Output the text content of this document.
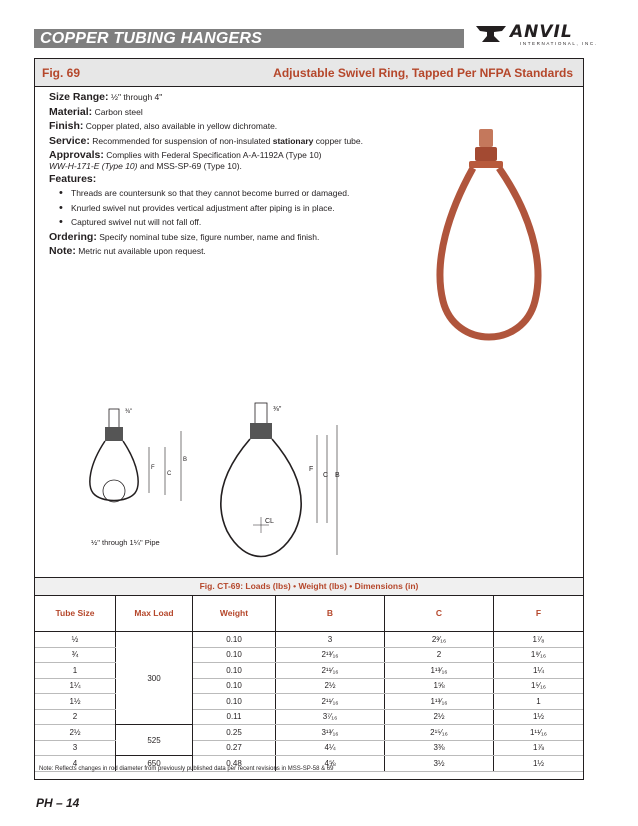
COPPER TUBING HANGERS	ANVIL
INTERNATIONAL, INC.
Fig. 69	Adjustable Swivel Ring, Tapped Per NFPA Standards
Size Range: ½" through 4"
Material: Carbon steel
Finish: Copper plated, also available in yellow dichromate.
Service: Recommended for suspension of non-insulated stationary copper tube.
Approvals: Complies with Federal Specification A-A-1192A (Type 10)
WW-H-171-E (Type 10) and MSS-SP-69 (Type 10).
Features:
• Threads are countersunk so that they cannot become burred or damaged.
• Knurled swivel nut provides vertical adjustment after piping is in place.
• Captured swivel nut will not fall off.
Ordering: Specify nominal tube size, figure number, name and finish.
Note: Metric nut available upon request.
⅜"	⅜"
F
C
B
F
C B
CL
½" through 1¼" Pipe
Fig. CT-69: Loads (lbs) • Weight (lbs) • Dimensions (in)
Tube Size	Max Load	Weight	B	C	F
½	300	0.10	3	2³⁄₁₆	1⁷⁄₈
¾		0.10	2¹³⁄₁₆	2	1⁹⁄₁₆
1		0.10	2¹¹⁄₁₆	1¹³⁄₁₆	1¼
1¼		0.10	2½	1⅝	1⁵⁄₁₆
1½		0.10	2¹¹⁄₁₆	1¹³⁄₁₆	1
2		0.11	3⁷⁄₁₆	2½	1½
2½	525	0.25	3¹³⁄₁₆	2¹⁵⁄₁₆	1¹¹⁄₁₆
3		0.27	4¼	3⅜	1⅞
4	650	0.48	4⅝	3½	1½
Note: Reflects changes in rod diameter from previously published data per recent revisions in MSS-SP-58 & 69
PH – 14
